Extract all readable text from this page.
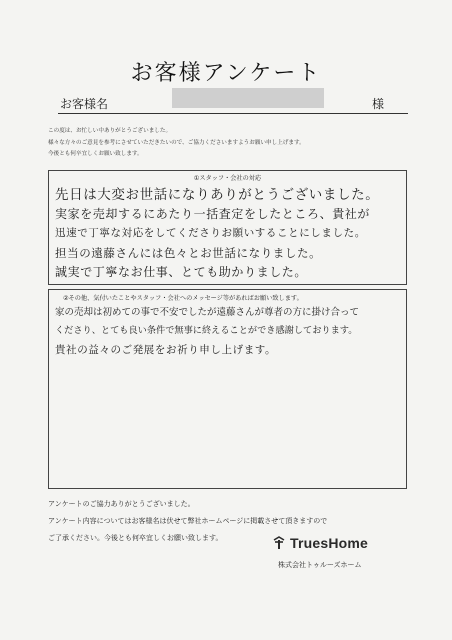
お客様アンケート
お客様名	様
この度は、お忙しい中ありがとうございました。
様々な方々のご意見を参考にさせていただきたいので、ご協力くださいますようお願い申し上げます。
今後とも何卒宜しくお願い致します。
①スタッフ・会社の対応
先日は大変お世話になりありがとうございました。
実家を売却するにあたり一括査定をしたところ、貴社が
迅速で丁寧な対応をしてくださりお願いすることにしました。
担当の遠藤さんには色々とお世話になりました。
誠実で丁寧なお仕事、とても助かりました。
②その他、気付いたことやスタッフ・会社へのメッセージ等があればお願い致します。
家の売却は初めての事で不安でしたが遠藤さんが尊者の方に掛け合って
くださり、とても良い条件で無事に終えることができ感謝しております。
貴社の益々のご発展をお祈り申し上げます。
アンケートのご協力ありがとうございました。
アンケート内容についてはお客様名は伏せて弊社ホームページに掲載させて頂きますので
ご了承ください。今後とも何卒宜しくお願い致します。	TruesHome
株式会社トゥルーズホーム
